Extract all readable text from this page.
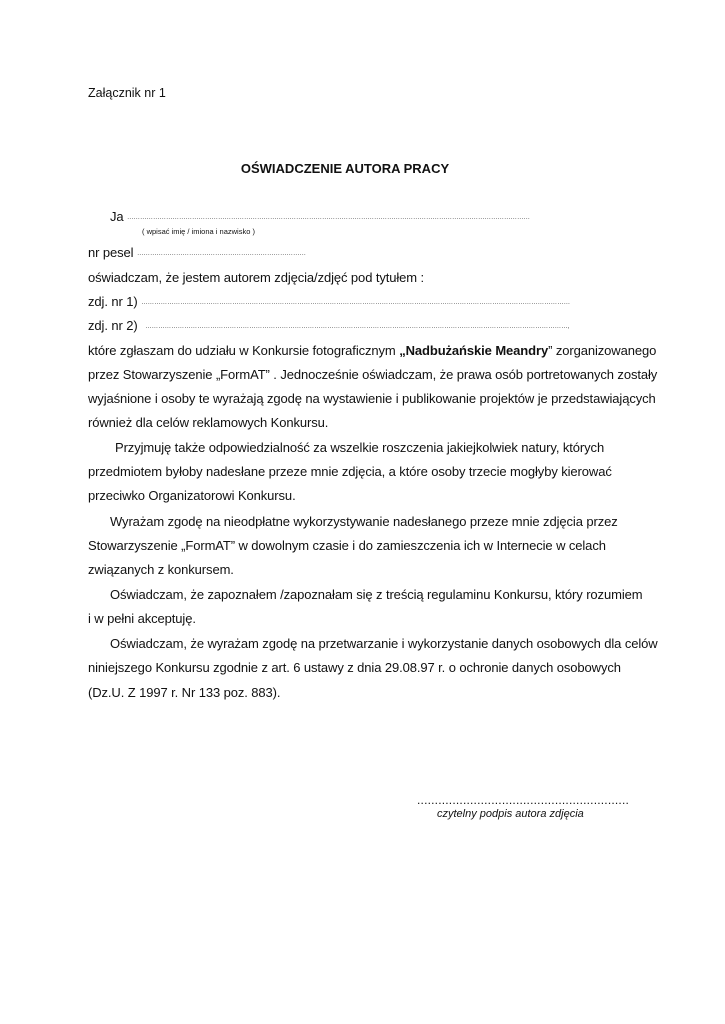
Załącznik nr 1
OŚWIADCZENIE AUTORA PRACY
Ja ……………………………………………………………………………………………………………………………………………………………………
( wpisać imię / imiona i nazwisko )
nr pesel ……………………………………………………………………
oświadczam, że jestem autorem zdjęcia/zdjęć pod tytułem :
zdj. nr 1) ………………………………………………………………………………………………………………………………………………………………………………
zdj. nr 2) ……………………………………………………………………………………………………………………………………………………………………………,
które zgłaszam do udziału w Konkursie fotograficznym „Nadbużańskie Meandry” zorganizowanego
przez Stowarzyszenie „FormAT” . Jednocześnie oświadczam, że prawa osób portretowanych zostały
wyjaśnione i osoby te wyrażają zgodę na wystawienie i publikowanie projektów je przedstawiających
również dla celów reklamowych Konkursu.
Przyjmuję także odpowiedzialność za wszelkie roszczenia jakiejkolwiek natury, których
przedmiotem byłoby nadesłane przeze mnie zdjęcia, a które osoby trzecie mogłyby kierować
przeciwko Organizatorowi Konkursu.
Wyrażam zgodę na nieodpłatne wykorzystywanie nadesłanego przeze mnie zdjęcia przez
Stowarzyszenie „FormAT” w dowolnym czasie i do zamieszczenia ich w Internecie w celach
związanych z konkursem.
Oświadczam, że zapoznałem /zapoznałam się z treścią regulaminu Konkursu, który rozumiem
i w pełni akceptuję.
Oświadczam, że wyrażam zgodę na przetwarzanie i wykorzystanie danych osobowych dla celów
niniejszego Konkursu zgodnie z art. 6 ustawy z dnia 29.08.97 r. o ochronie danych osobowych
(Dz.U. Z 1997 r. Nr 133 poz. 883).
............................................................
czytelny podpis autora zdjęcia
